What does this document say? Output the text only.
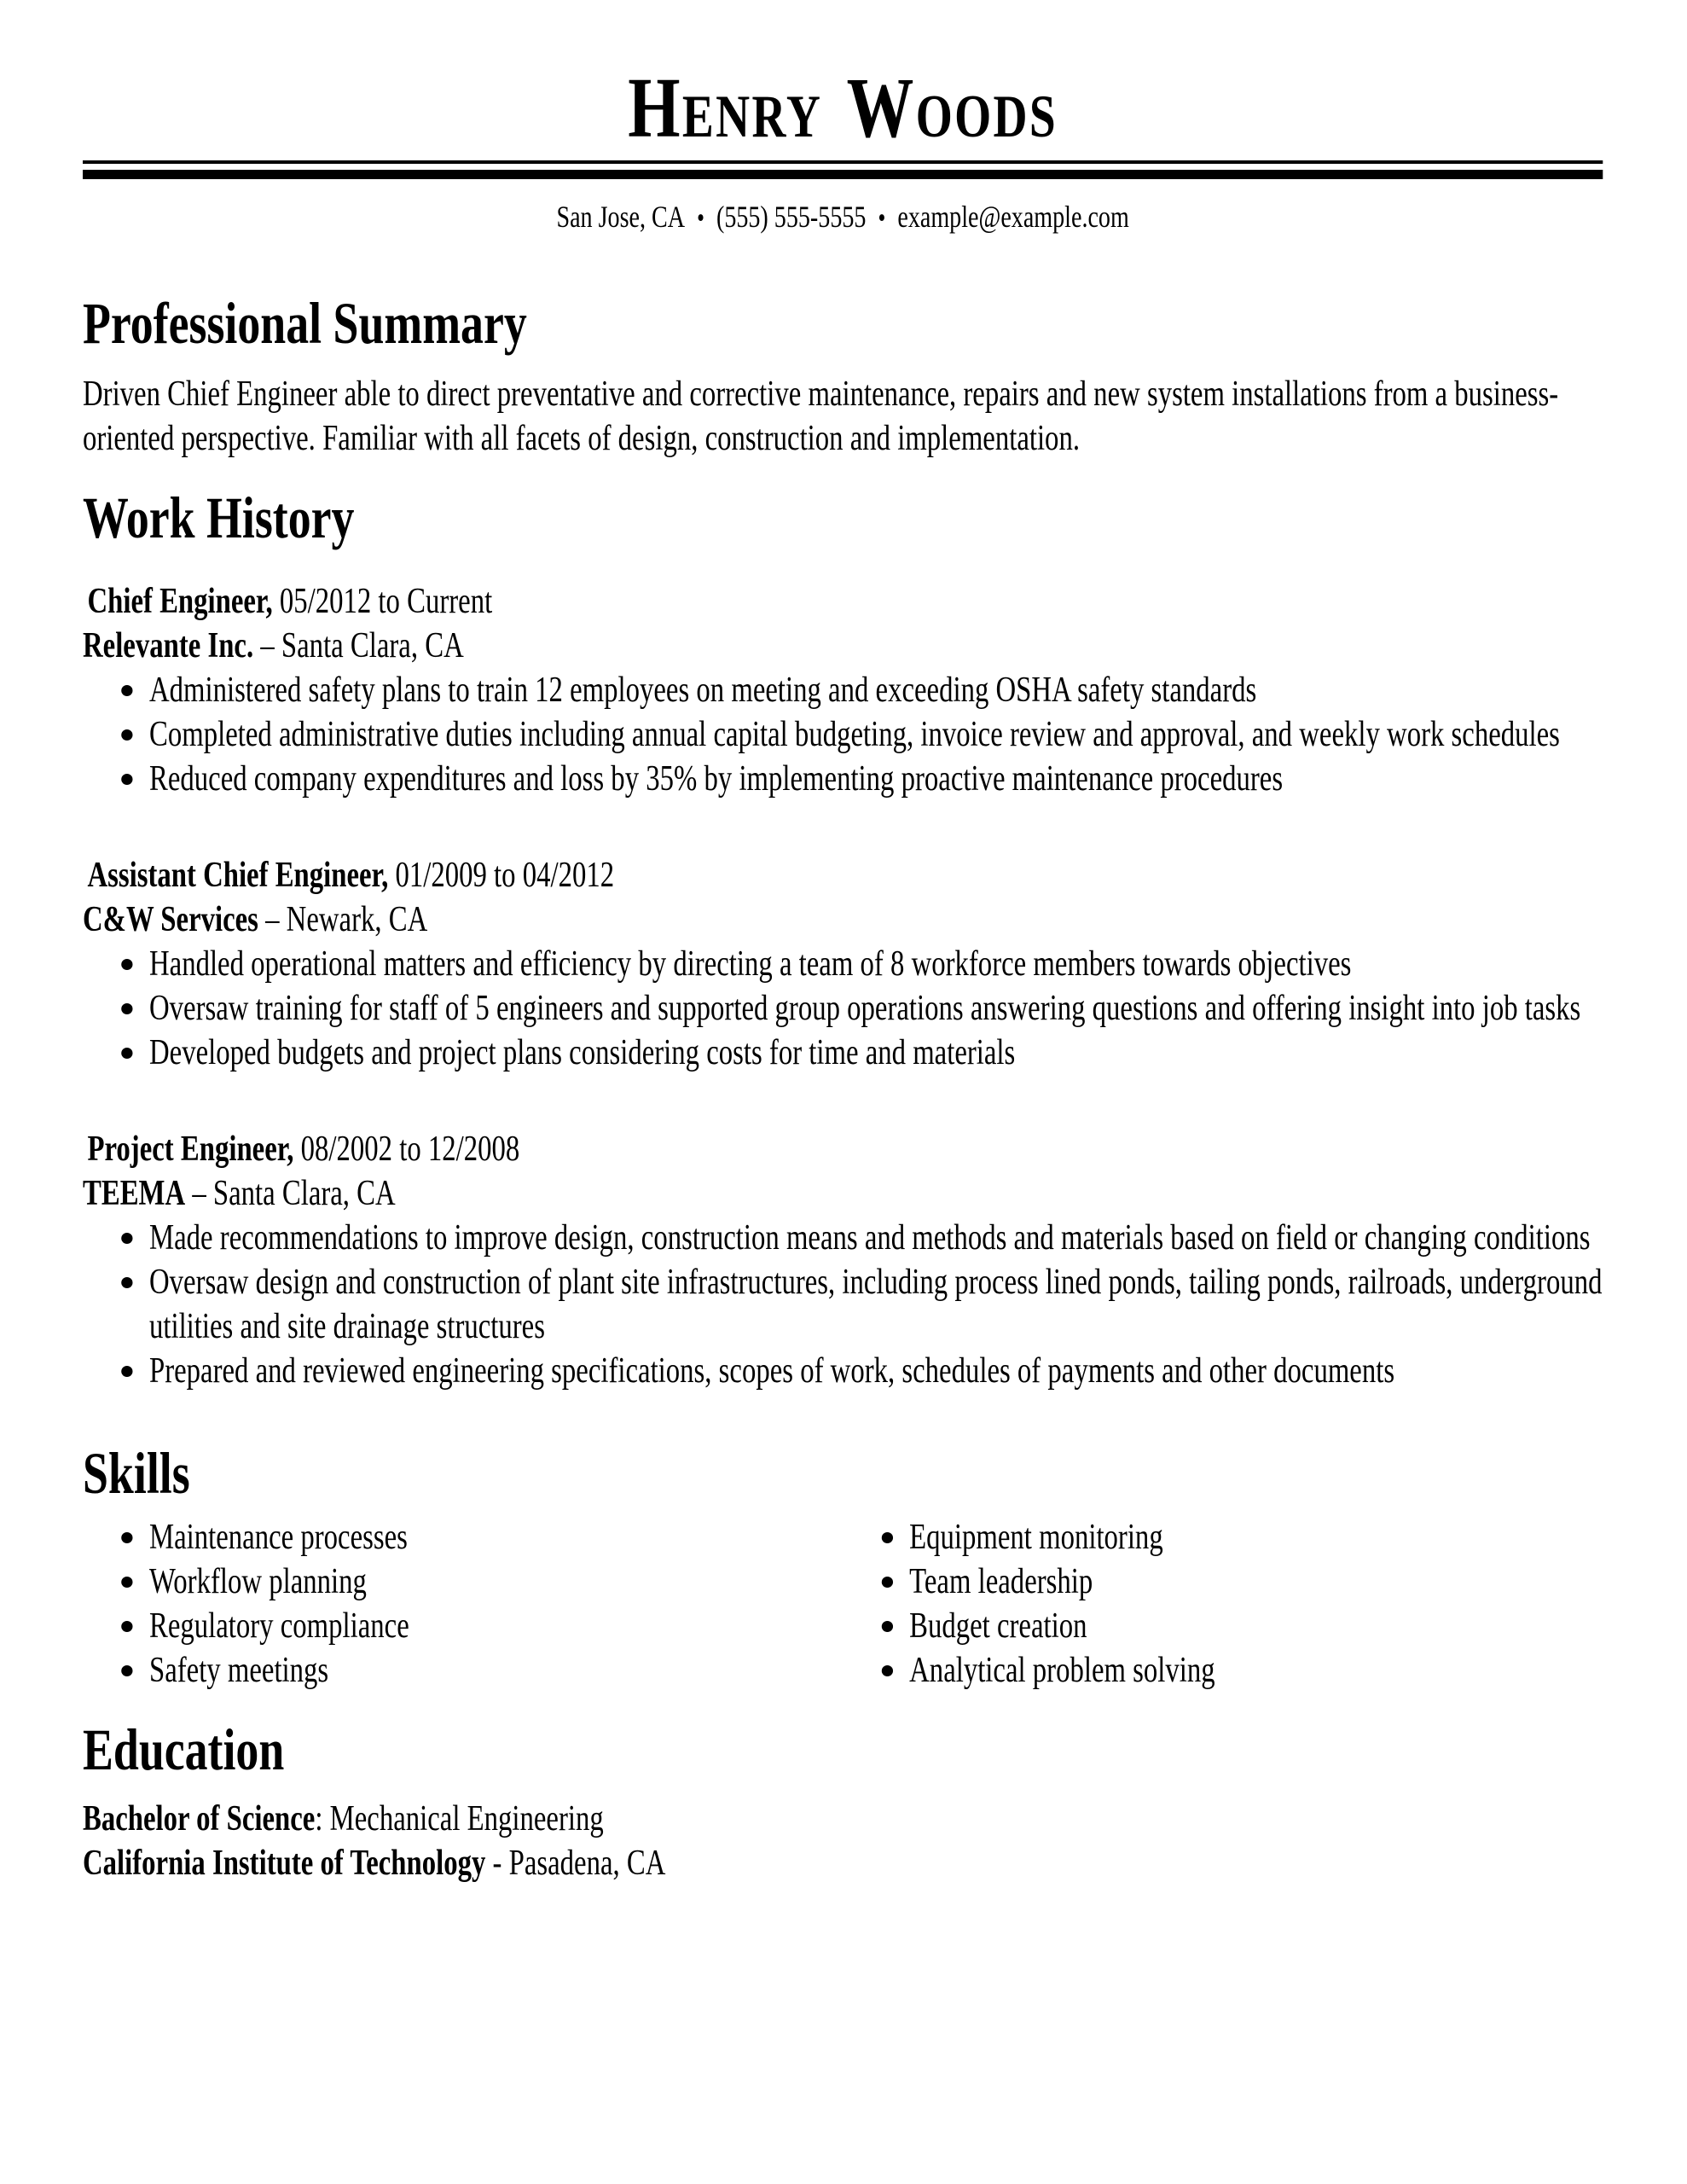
Henry Woods
San Jose, CA • (555) 555-5555 • example@example.com
Professional Summary

Driven Chief Engineer able to direct preventative and corrective maintenance, repairs and new system installations from a business-oriented perspective. Familiar with all facets of design, construction and implementation.

Work History
Chief Engineer, 05/2012 to Current
Relevante Inc. – Santa Clara, CA
Administered safety plans to train 12 employees on meeting and exceeding OSHA safety standards
Completed administrative duties including annual capital budgeting, invoice review and approval, and weekly work schedules
Reduced company expenditures and loss by 35% by implementing proactive maintenance procedures
Assistant Chief Engineer, 01/2009 to 04/2012
C&W Services – Newark, CA
Handled operational matters and efficiency by directing a team of 8 workforce members towards objectives
Oversaw training for staff of 5 engineers and supported group operations answering questions and offering insight into job tasks
Developed budgets and project plans considering costs for time and materials
Project Engineer, 08/2002 to 12/2008
TEEMA – Santa Clara, CA
Made recommendations to improve design, construction means and methods and materials based on field or changing conditions
Oversaw design and construction of plant site infrastructures, including process lined ponds, tailing ponds, railroads, underground utilities and site drainage structures
Prepared and reviewed engineering specifications, scopes of work, schedules of payments and other documents
Skills
Maintenance processes
Workflow planning
Regulatory compliance
Safety meetings
Equipment monitoring
Team leadership
Budget creation
Analytical problem solving
Education

Bachelor of Science: Mechanical Engineering

California Institute of Technology - Pasadena, CA
